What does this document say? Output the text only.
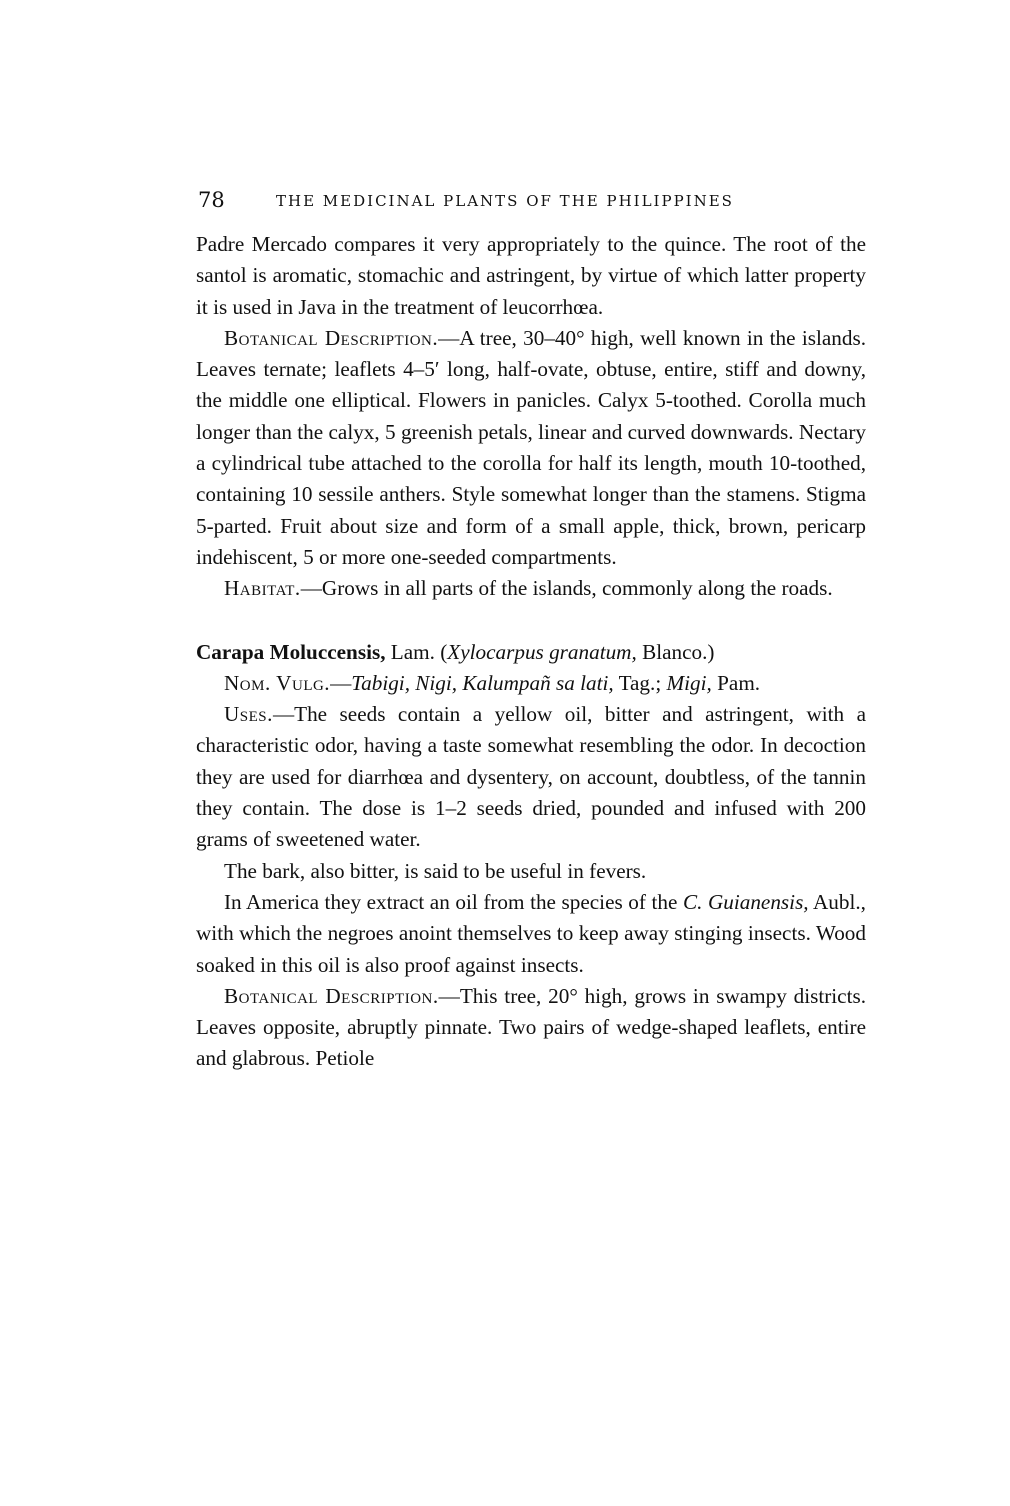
78	THE MEDICINAL PLANTS OF THE PHILIPPINES

Padre Mercado compares it very appropriately to the quince. The root of the santol is aromatic, stomachic and astringent, by virtue of which latter property it is used in Java in the treatment of leucorrhœa.

Botanical Description.—A tree, 30–40° high, well known in the islands. Leaves ternate; leaflets 4–5′ long, half-ovate, obtuse, entire, stiff and downy, the middle one elliptical. Flowers in panicles. Calyx 5-toothed. Corolla much longer than the calyx, 5 greenish petals, linear and curved downwards. Nectary a cylindrical tube attached to the corolla for half its length, mouth 10-toothed, containing 10 sessile anthers. Style somewhat longer than the stamens. Stigma 5-parted. Fruit about size and form of a small apple, thick, brown, pericarp indehiscent, 5 or more one-seeded compartments.

Habitat.—Grows in all parts of the islands, commonly along the roads.

Carapa Moluccensis, Lam. (Xylocarpus granatum, Blanco.)

Nom. Vulg.—Tabigi, Nigi, Kalumpañ sa lati, Tag.; Migi, Pam.

Uses.—The seeds contain a yellow oil, bitter and astringent, with a characteristic odor, having a taste somewhat resembling the odor. In decoction they are used for diarrhœa and dysentery, on account, doubtless, of the tannin they contain. The dose is 1–2 seeds dried, pounded and infused with 200 grams of sweetened water.

The bark, also bitter, is said to be useful in fevers.

In America they extract an oil from the species of the C. Guianensis, Aubl., with which the negroes anoint themselves to keep away stinging insects. Wood soaked in this oil is also proof against insects.

Botanical Description.—This tree, 20° high, grows in swampy districts. Leaves opposite, abruptly pinnate. Two pairs of wedge-shaped leaflets, entire and glabrous. Petiole
